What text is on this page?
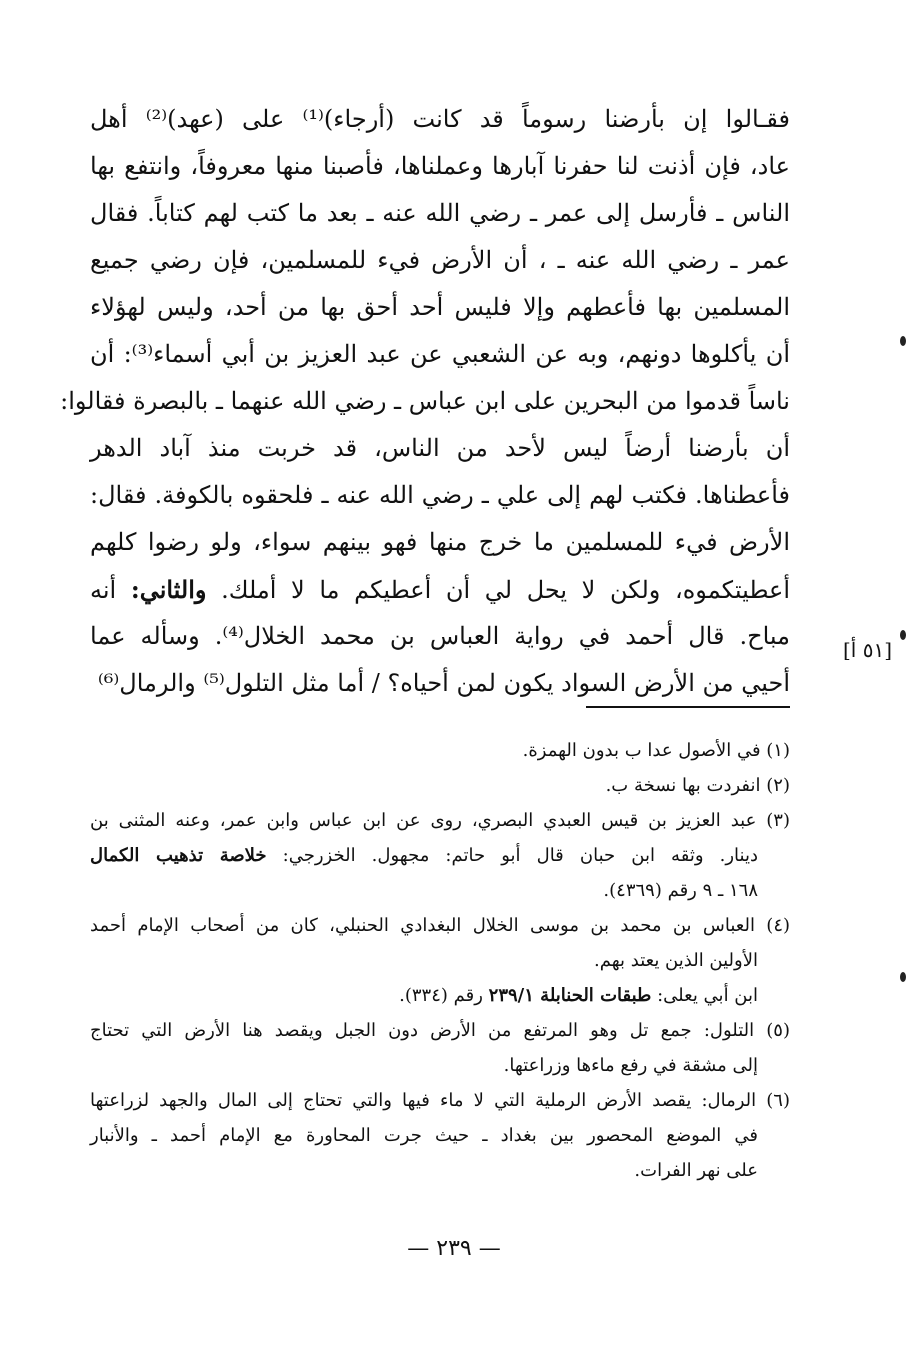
فقـالوا إن بأرضنا رسوماً قد كانت (أرجاء)⁽¹⁾ على (عهد)⁽²⁾ أهل
عاد، فإن أذنت لنا حفرنا آبارها وعملناها، فأصبنا منها معروفاً، وانتفع بها
الناس ـ فأرسل إلى عمر ـ رضي الله عنه ـ بعد ما كتب لهم كتاباً. فقال
عمر ـ رضي الله عنه ـ ، أن الأرض فيء للمسلمين، فإن رضي جميع
المسلمين بها فأعطهم وإلا فليس أحد أحق بها من أحد، وليس لهؤلاء
أن يأكلوها دونهم، وبه عن الشعبي عن عبد العزيز بن أبي أسماء⁽³⁾: أن
ناساً قدموا من البحرين على ابن عباس ـ رضي الله عنهما ـ بالبصرة فقالوا:
أن بأرضنا أرضاً ليس لأحد من الناس، قد خربت منذ آباد الدهر
فأعطناها. فكتب لهم إلى علي ـ رضي الله عنه ـ فلحقوه بالكوفة. فقال:
الأرض فيء للمسلمين ما خرج منها فهو بينهم سواء، ولو رضوا كلهم
أعطيتكموه، ولكن لا يحل لي أن أعطيكم ما لا أملك. والثاني: أنه
مباح. قال أحمد في رواية العباس بن محمد الخلال⁽⁴⁾. وسأله عما
أحيي من الأرض السواد يكون لمن أحياه؟ / أما مثل التلول⁽⁵⁾ والرمال⁽⁶⁾
[٥١ أ]
(١) في الأصول عدا ب بدون الهمزة.
(٢) انفردت بها نسخة ب.
(٣) عبد العزيز بن قيس العبدي البصري، روى عن ابن عباس وابن عمر، وعنه المثنى بن
دينار. وثقه ابن حبان قال أبو حاتم: مجهول. الخزرجي: خلاصة تذهيب الكمال
١٦٨ ـ ٩ رقم (٤٣٦٩).
(٤) العباس بن محمد بن موسى الخلال البغدادي الحنبلي، كان من أصحاب الإمام أحمد
الأولين الذين يعتد بهم.
ابن أبي يعلى: طبقات الحنابلة ٢٣٩/١ رقم (٣٣٤).
(٥) التلول: جمع تل وهو المرتفع من الأرض دون الجبل ويقصد هنا الأرض التي تحتاج
إلى مشقة في رفع ماءها وزراعتها.
(٦) الرمال: يقصد الأرض الرملية التي لا ماء فيها والتي تحتاج إلى المال والجهد لزراعتها
في الموضع المحصور بين بغداد ـ حيث جرت المحاورة مع الإمام أحمد ـ والأنبار
على نهر الفرات.
— ٢٣٩ —
